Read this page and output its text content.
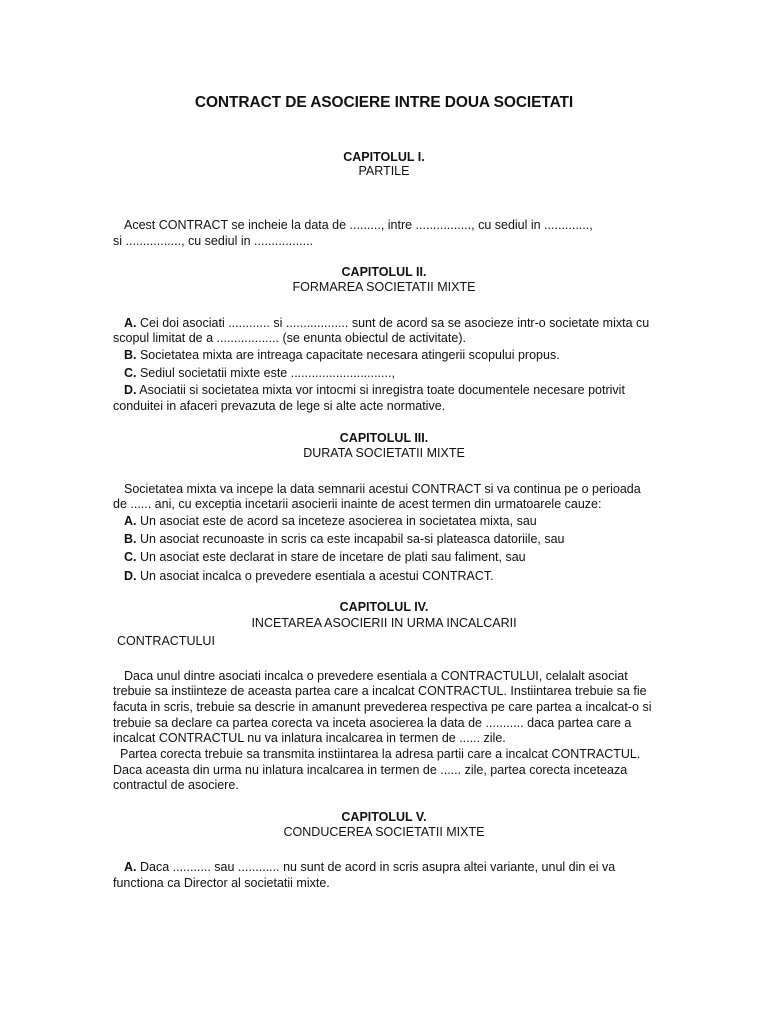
CONTRACT DE ASOCIERE INTRE DOUA SOCIETATI
CAPITOLUL I.
PARTILE
Acest CONTRACT se incheie la data de ........., intre ................, cu sediul in .............,
si ................, cu sediul in .................
CAPITOLUL II.
FORMAREA SOCIETATII MIXTE
A. Cei doi asociati ............ si .................. sunt de acord sa se asocieze intr-o societate mixta cu
scopul limitat de a .................. (se enunta obiectul de activitate).
B. Societatea mixta are intreaga capacitate necesara atingerii scopului propus.
C. Sediul societatii mixte este .............................,
D. Asociatii si societatea mixta vor intocmi si inregistra toate documentele necesare potrivit
conduitei in afaceri prevazuta de lege si alte acte normative.
CAPITOLUL III.
DURATA SOCIETATII MIXTE
Societatea mixta va incepe la data semnarii acestui CONTRACT si va continua pe o perioada
de ...... ani, cu exceptia incetarii asocierii inainte de acest termen din urmatoarele cauze:
A. Un asociat este de acord sa inceteze asocierea in societatea mixta, sau
B. Un asociat recunoaste in scris ca este incapabil sa-si plateasca datoriile, sau
C. Un asociat este declarat in stare de incetare de plati sau faliment, sau
D. Un asociat incalca o prevedere esentiala a acestui CONTRACT.
CAPITOLUL IV.
INCETAREA ASOCIERII IN URMA INCALCARII
CONTRACTULUI
Daca unul dintre asociati incalca o prevedere esentiala a CONTRACTULUI, celalalt asociat
trebuie sa instiinteze de aceasta partea care a incalcat CONTRACTUL. Instiintarea trebuie sa fie
facuta in scris, trebuie sa descrie in amanunt prevederea respectiva pe care partea a incalcat-o si
trebuie sa declare ca partea corecta va inceta asocierea la data de ........... daca partea care a
incalcat CONTRACTUL nu va inlatura incalcarea in termen de ...... zile.
Partea corecta trebuie sa transmita instiintarea la adresa partii care a incalcat CONTRACTUL.
Daca aceasta din urma nu inlatura incalcarea in termen de ...... zile, partea corecta inceteaza
contractul de asociere.
CAPITOLUL V.
CONDUCEREA SOCIETATII MIXTE
A. Daca ........... sau ............ nu sunt de acord in scris asupra altei variante, unul din ei va
functiona ca Director al societatii mixte.
